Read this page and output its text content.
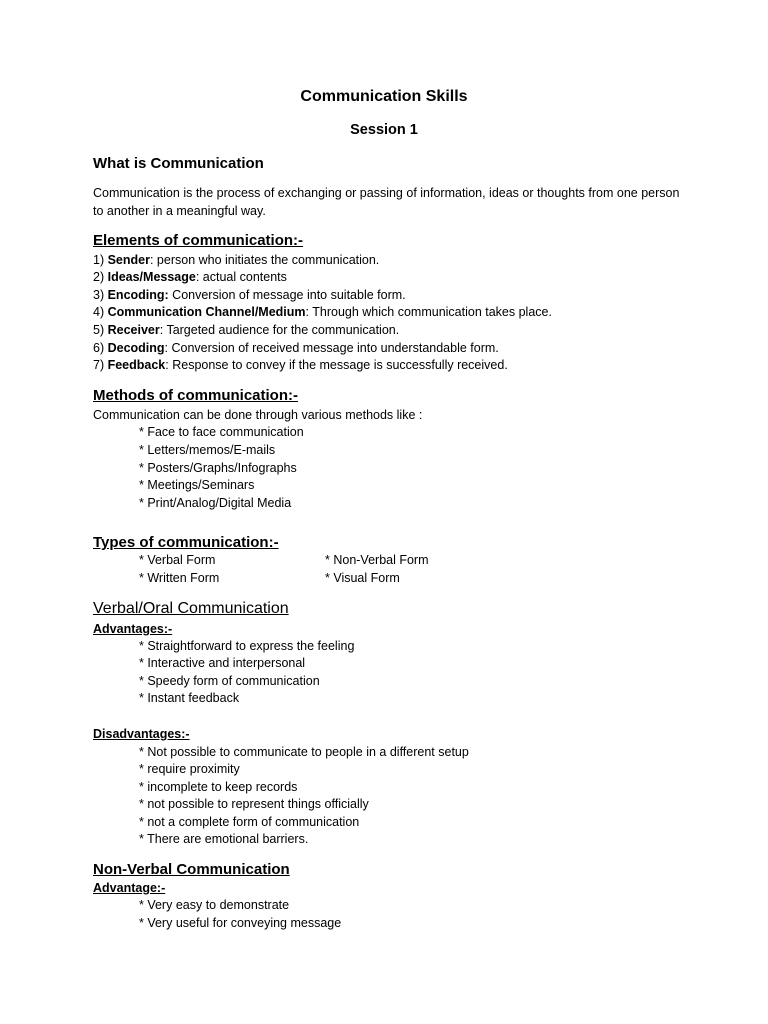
Communication Skills
Session 1
What is Communication
Communication is the process of exchanging or passing of information, ideas or thoughts from one person to another in a meaningful way.
Elements of communication:-
1) Sender: person who initiates the communication.
2) Ideas/Message: actual contents
3) Encoding: Conversion of message into suitable form.
4) Communication Channel/Medium: Through which communication takes place.
5) Receiver: Targeted audience for the communication.
6) Decoding: Conversion of received message into understandable form.
7) Feedback: Response to convey if the message is successfully received.
Methods of communication:-
Communication can be done through various methods like :
* Face to face communication
* Letters/memos/E-mails
* Posters/Graphs/Infographs
* Meetings/Seminars
* Print/Analog/Digital Media
Types of communication:-
* Verbal Form	* Non-Verbal Form
* Written Form	* Visual Form
Verbal/Oral Communication
Advantages:-
* Straightforward to express the feeling
* Interactive and interpersonal
* Speedy form of communication
* Instant feedback
Disadvantages:-
* Not possible to communicate to people in a different setup
* require proximity
* incomplete to keep records
* not possible to represent things officially
* not a complete form of communication
* There are emotional barriers.
Non-Verbal Communication
Advantage:-
* Very easy to demonstrate
* Very useful for conveying message
